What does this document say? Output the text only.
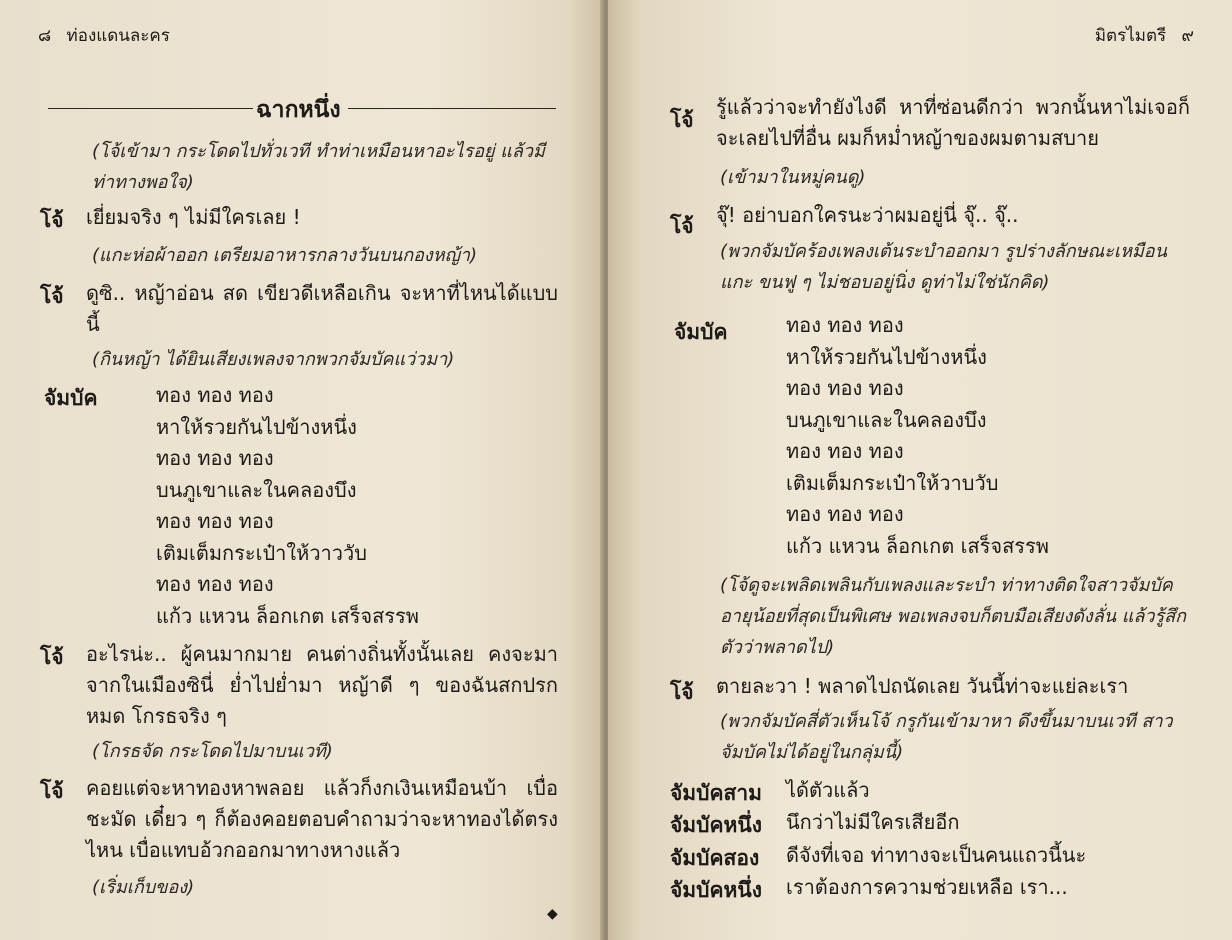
๘ ท่องแดนละคร
ฉากหนึ่ง
(โจ้เข้ามา กระโดดไปทั่วเวที ทำท่าเหมือนหาอะไรอยู่ แล้วมีท่าทางพอใจ)
โจ้ เยี่ยมจริง ๆ ไม่มีใครเลย !
(แกะห่อผ้าออก เตรียมอาหารกลางวันบนกองหญ้า)
โจ้ ดูซิ.. หญ้าอ่อน สด เขียวดีเหลือเกิน จะหาที่ไหนได้แบบนี้
(กินหญ้า ได้ยินเสียงเพลงจากพวกจัมบัคแว่วมา)
จัมบัค	ทอง ทอง ทอง
หาให้รวยกันไปข้างหนึ่ง
ทอง ทอง ทอง
บนภูเขาและในคลองบึง
ทอง ทอง ทอง
เติมเต็มกระเป๋าให้วาววับ
ทอง ทอง ทอง
แก้ว แหวน ล็อกเกต เสร็จสรรพ
โจ้ อะไรน่ะ.. ผู้คนมากมาย คนต่างถิ่นทั้งนั้นเลย คงจะมาจากในเมืองซินี่ ย่ำไปย่ำมา หญ้าดี ๆ ของฉันสกปรกหมด โกรธจริง ๆ
(โกรธจัด กระโดดไปมาบนเวที)
โจ้ คอยแต่จะหาทองหาพลอย แล้วก็งกเงินเหมือนบ้า เบื่อชะมัด เดี๋ยว ๆ ก็ต้องคอยตอบคำถามว่าจะหาทองได้ตรงไหน เบื่อแทบอ้วกออกมาทางหางแล้ว
(เริ่มเก็บของ)
◆
มิตรไมตรี ๙
โจ้
รู้แล้วว่าจะทำยังไงดี หาที่ซ่อนดีกว่า พวกนั้นหาไม่เจอก็จะเลยไปที่อื่น ผมก็หม่ำหญ้าของผมตามสบาย
(เข้ามาในหมู่คนดู)
โจ้ จุ๊! อย่าบอกใครนะว่าผมอยู่นี่ จุ๊.. จุ๊..
(พวกจัมบัคร้องเพลงเต้นระบำออกมา รูปร่างลักษณะเหมือนแกะ ขนฟู ๆ ไม่ชอบอยู่นิ่ง ดูท่าไม่ใช่นักคิด)
จัมบัค	ทอง ทอง ทอง
หาให้รวยกันไปข้างหนึ่ง
ทอง ทอง ทอง
บนภูเขาและในคลองบึง
ทอง ทอง ทอง
เติมเต็มกระเป๋าให้วาบวับ
ทอง ทอง ทอง
แก้ว แหวน ล็อกเกต เสร็จสรรพ
(โจ้ดูจะเพลิดเพลินกับเพลงและระบำ ท่าทางติดใจสาวจัมบัคอายุน้อยที่สุดเป็นพิเศษ พอเพลงจบก็ตบมือเสียงดังลั่น แล้วรู้สึกตัวว่าพลาดไป)
โจ้ ตายละวา ! พลาดไปถนัดเลย วันนี้ท่าจะแย่ละเรา
(พวกจัมบัคสี่ตัวเห็นโจ้ กรูกันเข้ามาหา ดึงขึ้นมาบนเวที สาวจัมบัคไม่ได้อยู่ในกลุ่มนี้)
จัมบัคสาม ได้ตัวแล้ว
จัมบัคหนึ่ง นึกว่าไม่มีใครเสียอีก
จัมบัคสอง ดีจังที่เจอ ท่าทางจะเป็นคนแถวนี้นะ
จัมบัคหนึ่ง เราต้องการความช่วยเหลือ เรา...
